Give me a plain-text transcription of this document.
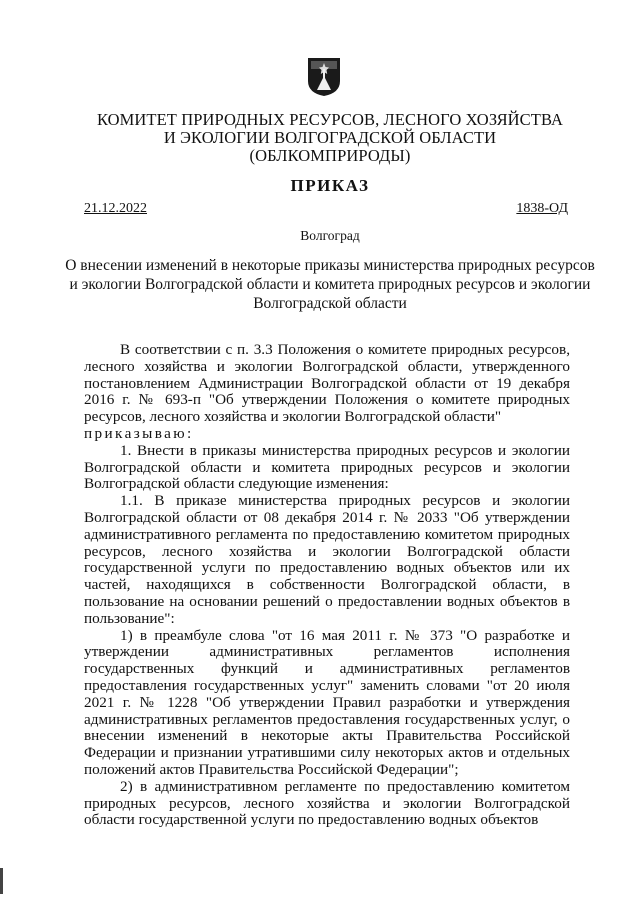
КОМИТЕТ ПРИРОДНЫХ РЕСУРСОВ, ЛЕСНОГО ХОЗЯЙСТВА
И ЭКОЛОГИИ ВОЛГОГРАДСКОЙ ОБЛАСТИ
(ОБЛКОМПРИРОДЫ)
ПРИКАЗ
21.12.2022	1838-ОД
Волгоград
О внесении изменений в некоторые приказы министерства природных ресурсов и экологии Волгоградской области и комитета природных ресурсов и экологии Волгоградской области

В соответствии с п. 3.3 Положения о комитете природных ресурсов, лесного хозяйства и экологии Волгоградской области, утвержденного постановлением Администрации Волгоградской области от 19 декабря 2016 г. № 693-п "Об утверждении Положения о комитете природных ресурсов, лесного хозяйства и экологии Волгоградской области"
приказываю:

1. Внести в приказы министерства природных ресурсов и экологии Волгоградской области и комитета природных ресурсов и экологии Волгоградской области следующие изменения:

1.1. В приказе министерства природных ресурсов и экологии Волгоградской области от 08 декабря 2014 г. № 2033 "Об утверждении административного регламента по предоставлению комитетом природных ресурсов, лесного хозяйства и экологии Волгоградской области государственной услуги по предоставлению водных объектов или их частей, находящихся в собственности Волгоградской области, в пользование на основании решений о предоставлении водных объектов в пользование":

1) в преамбуле слова "от 16 мая 2011 г. № 373 "О разработке и утверждении административных регламентов исполнения государственных функций и административных регламентов предоставления государственных услуг" заменить словами "от 20 июля 2021 г. № 1228 "Об утверждении Правил разработки и утверждения административных регламентов предоставления государственных услуг, о внесении изменений в некоторые акты Правительства Российской Федерации и признании утратившими силу некоторых актов и отдельных положений актов Правительства Российской Федерации";

2) в административном регламенте по предоставлению комитетом природных ресурсов, лесного хозяйства и экологии Волгоградской области государственной услуги по предоставлению водных объектов
